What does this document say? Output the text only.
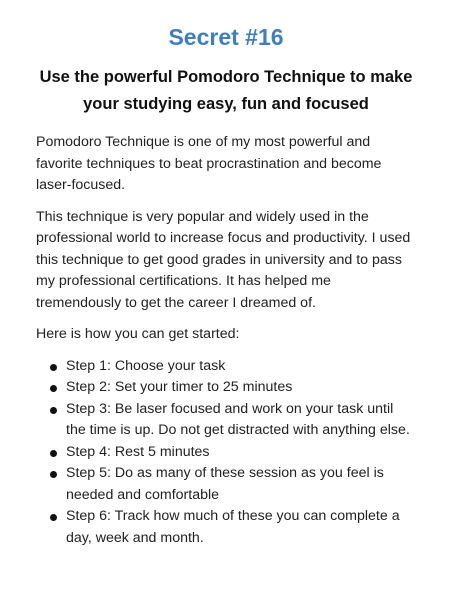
Secret #16
Use the powerful Pomodoro Technique to make your studying easy, fun and focused

Pomodoro Technique is one of my most powerful and favorite techniques to beat procrastination and become laser-focused.

This technique is very popular and widely used in the professional world to increase focus and productivity. I used this technique to get good grades in university and to pass my professional certifications. It has helped me tremendously to get the career I dreamed of.

Here is how you can get started:

Step 1: Choose your task
Step 2: Set your timer to 25 minutes
Step 3: Be laser focused and work on your task until the time is up. Do not get distracted with anything else.
Step 4: Rest 5 minutes
Step 5: Do as many of these session as you feel is needed and comfortable
Step 6: Track how much of these you can complete a day, week and month.
